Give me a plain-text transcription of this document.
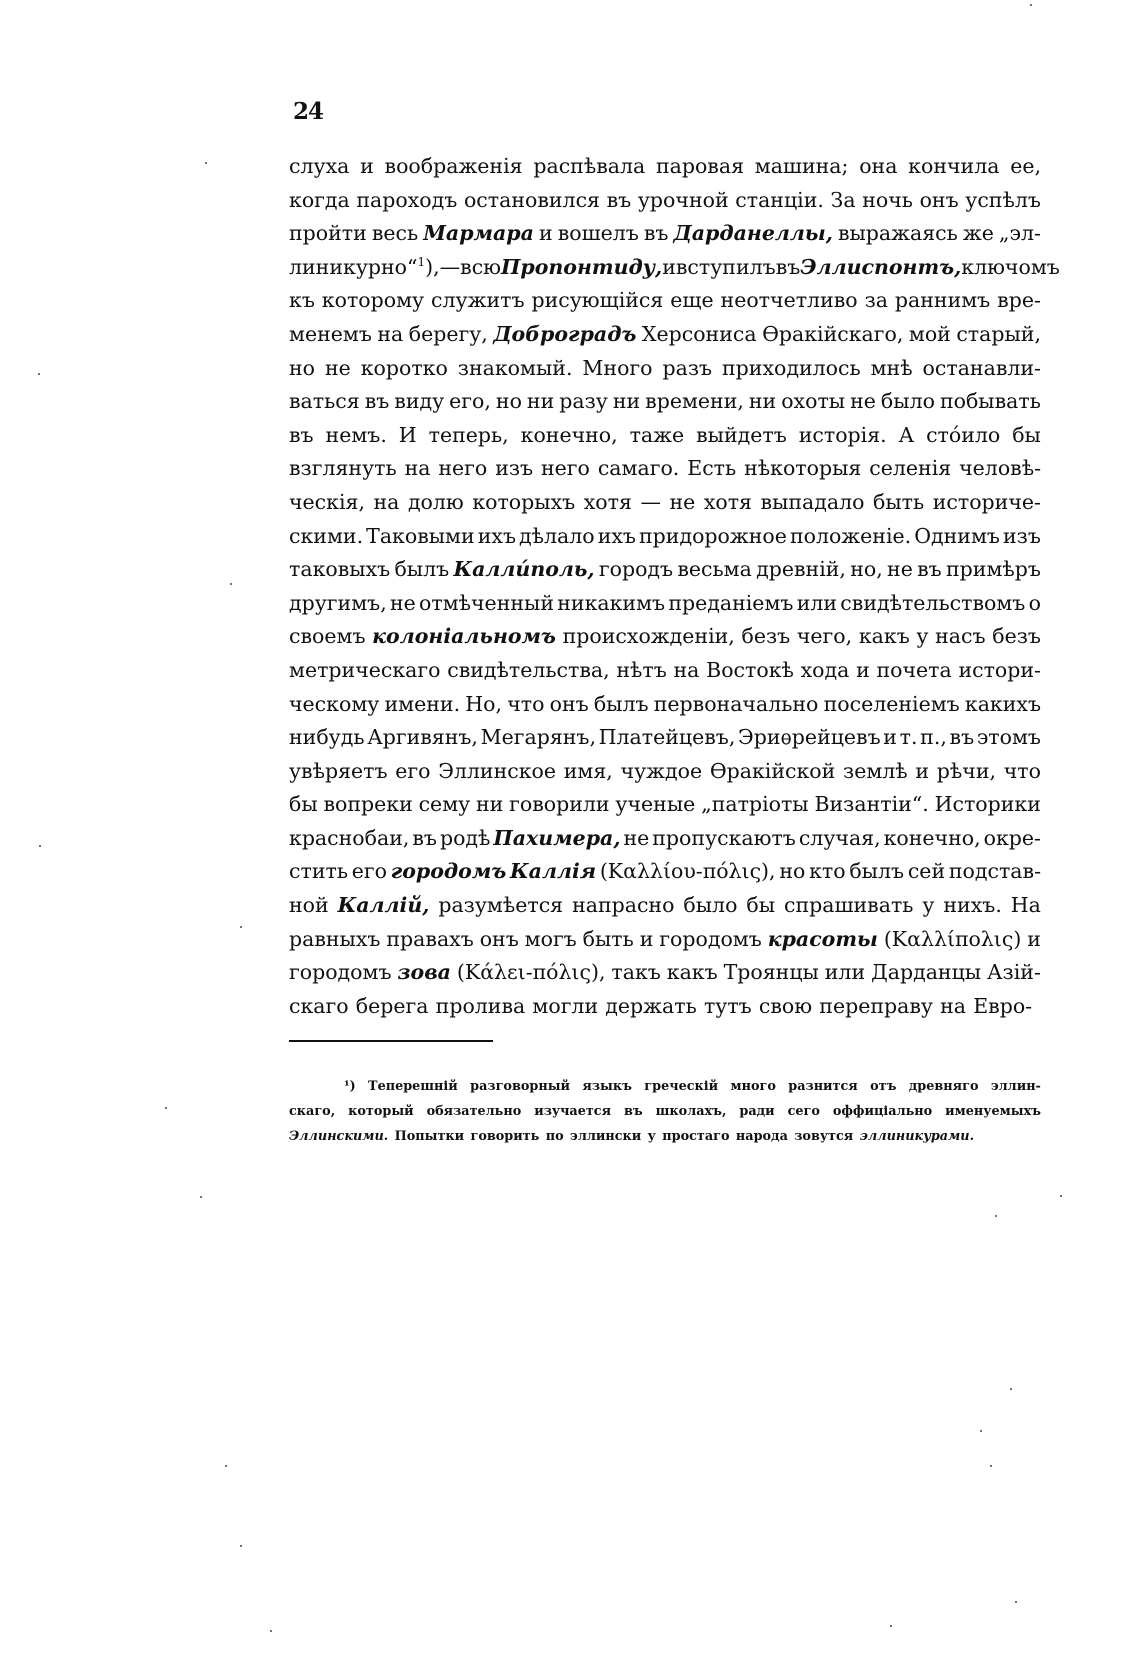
24
слуха и воображенія распѣвала паровая машина; она кончила ее,
когда пароходъ остановился въ урочной станціи. За ночь онъ успѣлъ
пройти весь Мармара и вошелъ въ Дарданеллы, выражаясь же „эл-
линикурно“$^1$ ),—всю Пропонтиду, и вступилъ въ Эллиспонтъ, ключомъ
къ которому служитъ рисующійся еще неотчетливо за раннимъ вре-
менемъ на берегу, Доброградъ Херсониса Ѳракійскаго, мой старый,
но не коротко знакомый. Много разъ приходилось мнѣ останавли-
ваться въ виду его, но ни разу ни времени, ни охоты не было побывать
въ немъ. И теперь, конечно, таже выйдетъ исторія. А стóило бы
взглянуть на него изъ него самаго. Есть нѣкоторыя селенія человѣ-
ческія, на долю которыхъ хотя — не хотя выпадало быть историче-
скими. Таковыми ихъ дѣлало ихъ придорожное положеніе. Однимъ изъ
таковыхъ былъ Каллúполь, городъ весьма древній, но, не въ примѣръ
другимъ, не отмѣченный никакимъ преданіемъ или свидѣтельствомъ о
своемъ колоніальномъ происхожденіи, безъ чего, какъ у насъ безъ
метрическаго свидѣтельства, нѣтъ на Востокѣ хода и почета истори-
ческому имени. Но, что онъ былъ первоначально поселеніемъ какихъ
нибудь Аргивянъ, Мегарянъ, Платейцевъ, Эриѳрейцевъ и т. п., въ этомъ
увѣряетъ его Эллинское имя, чуждое Ѳракійской землѣ и рѣчи, что
бы вопреки сему ни говорили ученые „патріоты Византіи“. Историки
краснобаи, въ родѣ Пахимера, не пропускаютъ случая, конечно, окре-
стить его городомъ Каллія (Καλλίου-πόλις), но кто былъ сей подстав-
ной Каллій, разумѣется напрасно было бы спрашивать у нихъ. На
равныхъ правахъ онъ могъ быть и городомъ красоты (Καλλίπολις) и
городомъ зова (Κάλει-πόλις), такъ какъ Троянцы или Дарданцы Азій-
скаго берега пролива могли держать тутъ свою переправу на Евро-
¹) Теперешній разговорный языкъ греческій много разнится отъ древняго эллин-
скаго, который обязательно изучается въ школахъ, ради сего оффиціально именуемыхъ
Эллинскими. Попытки говорить по эллински у простаго народа зовутся эллиникурами.
